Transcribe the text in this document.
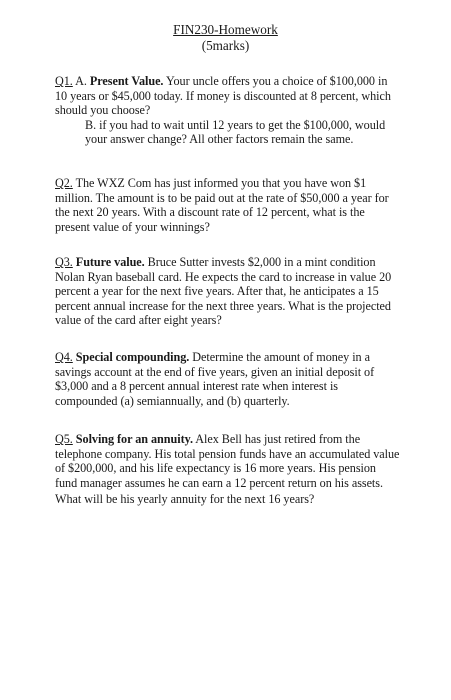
FIN230-Homework
(5marks)
Q1. A. Present Value. Your uncle offers you a choice of $100,000 in 10 years or $45,000 today. If money is discounted at 8 percent, which should you choose?
B. if you had to wait until 12 years to get the $100,000, would your answer change? All other factors remain the same.
Q2. The WXZ Com has just informed you that you have won $1 million. The amount is to be paid out at the rate of $50,000 a year for the next 20 years. With a discount rate of 12 percent, what is the present value of your winnings?
Q3. Future value. Bruce Sutter invests $2,000 in a mint condition Nolan Ryan baseball card. He expects the card to increase in value 20 percent a year for the next five years. After that, he anticipates a 15 percent annual increase for the next three years. What is the projected value of the card after eight years?
Q4. Special compounding. Determine the amount of money in a savings account at the end of five years, given an initial deposit of $3,000 and a 8 percent annual interest rate when interest is compounded (a) semiannually, and (b) quarterly.
Q5. Solving for an annuity. Alex Bell has just retired from the telephone company. His total pension funds have an accumulated value of $200,000, and his life expectancy is 16 more years. His pension fund manager assumes he can earn a 12 percent return on his assets.
What will be his yearly annuity for the next 16 years?
